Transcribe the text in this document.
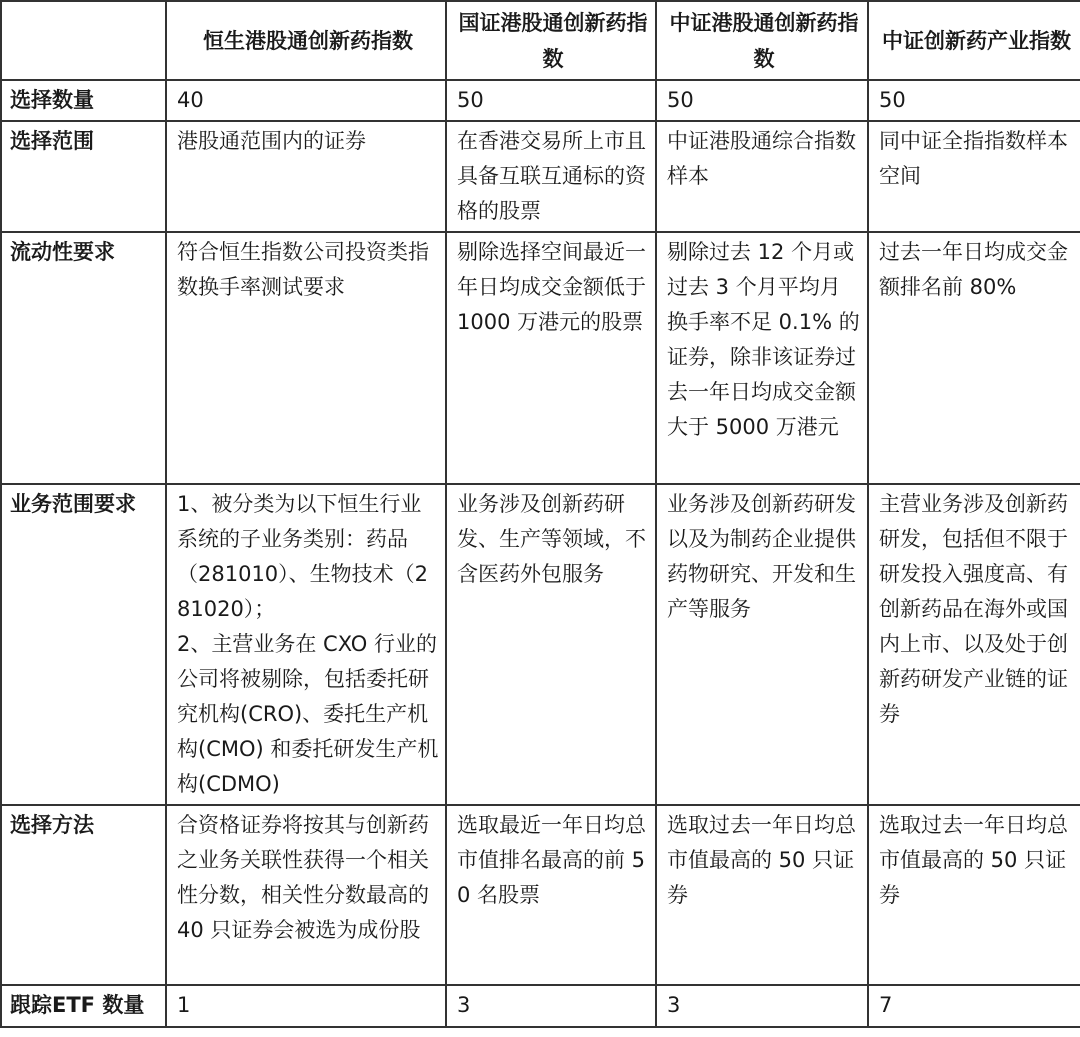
	恒生港股通创新药指数	国证港股通创新药指数	中证港股通创新药指数	中证创新药产业指数
选择数量	40	50	50	50
选择范围	港股通范围内的证券	在香港交易所上市且具备互联互通标的资格的股票	中证港股通综合指数样本	同中证全指指数样本空间
流动性要求	符合恒生指数公司投资类指数换手率测试要求	剔除选择空间最近一年日均成交金额低于 1000 万港元的股票	剔除过去 12 个月或过去 3 个月平均月换手率不足 0.1% 的证券，除非该证券过去一年日均成交金额大于 5000 万港元	过去一年日均成交金额排名前 80%
业务范围要求	1、被分类为以下恒生行业系统的子业务类别：药品（281010）、生物技术（281020）；
2、主营业务在 CXO 行业的公司将被剔除，包括委托研究机构(CRO)、委托生产机构(CMO) 和委托研发生产机构(CDMO)	业务涉及创新药研发、生产等领域，不含医药外包服务	业务涉及创新药研发以及为制药企业提供药物研究、开发和生产等服务	主营业务涉及创新药研发，包括但不限于研发投入强度高、有创新药品在海外或国内上市、以及处于创新药研发产业链的证券
选择方法	合资格证券将按其与创新药之业务关联性获得一个相关性分数，相关性分数最高的 40 只证券会被选为成份股	选取最近一年日均总市值排名最高的前 50 名股票	选取过去一年日均总市值最高的 50 只证券	选取过去一年日均总市值最高的 50 只证券
跟踪ETF 数量	1	3	3	7
